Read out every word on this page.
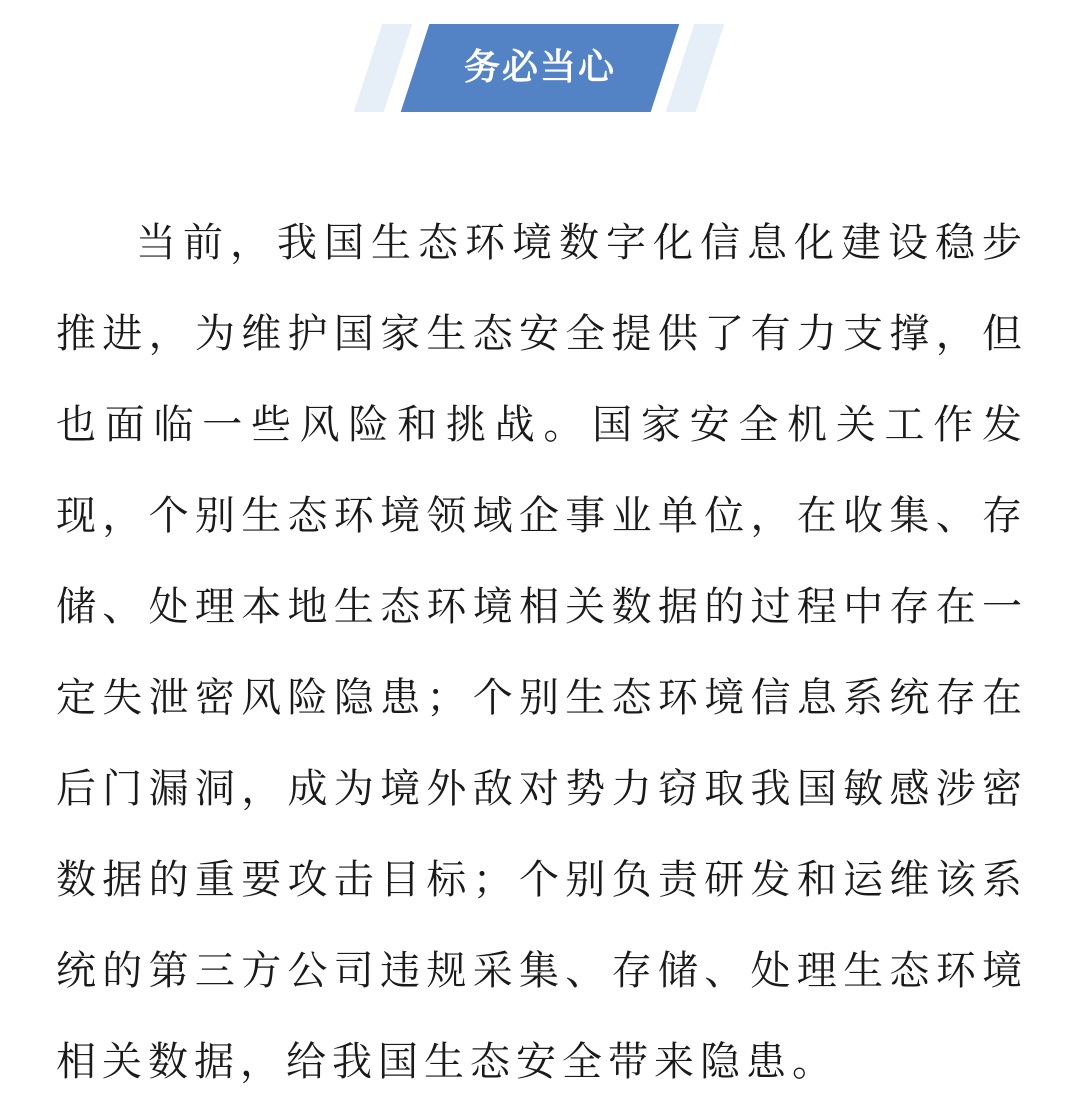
务必当心

当前，我国生态环境数字化信息化建设稳步推进，为维护国家生态安全提供了有力支撑，但也面临一些风险和挑战。国家安全机关工作发现，个别生态环境领域企事业单位，在收集、存储、处理本地生态环境相关数据的过程中存在一定失泄密风险隐患；个别生态环境信息系统存在后门漏洞，成为境外敌对势力窃取我国敏感涉密数据的重要攻击目标；个别负责研发和运维该系统的第三方公司违规采集、存储、处理生态环境相关数据，给我国生态安全带来隐患。
